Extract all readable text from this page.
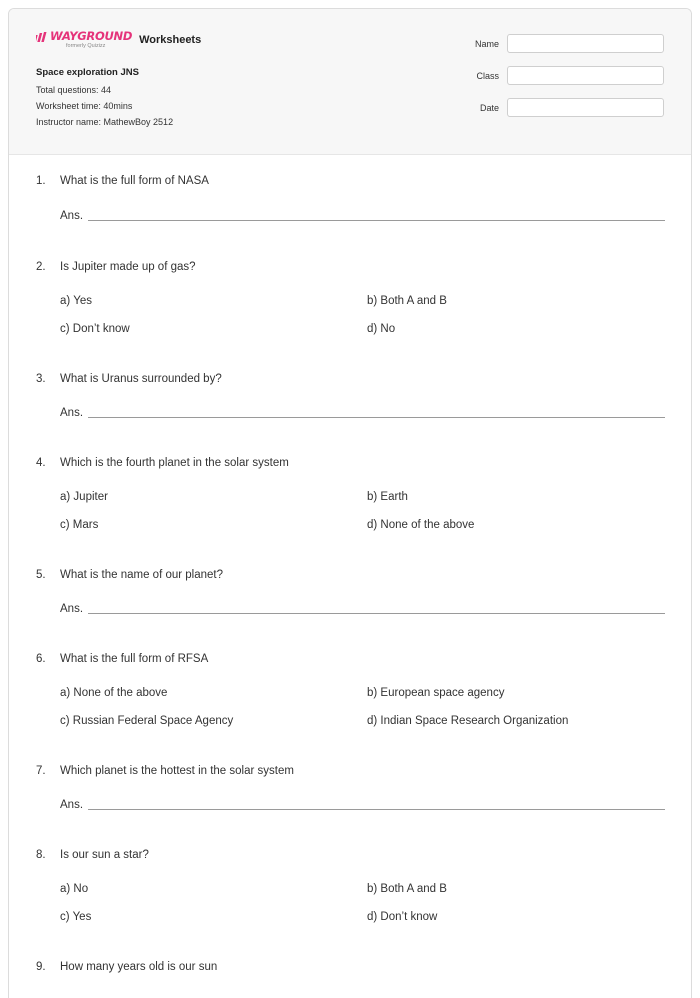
WAYGROUND
formerly Quizizz	Worksheets
Space exploration JNS
Total questions: 44
Worksheet time: 40mins
Instructor name: MathewBoy 2512
Name
Class
Date
1. What is the full form of NASA
Ans.
2. Is Jupiter made up of gas?
a) Yes	b) Both A and B
c) Don’t know	d) No
3. What is Uranus surrounded by?
Ans.
4. Which is the fourth planet in the solar system
a) Jupiter	b) Earth
c) Mars	d) None of the above
5. What is the name of our planet?
Ans.
6. What is the full form of RFSA
a) None of the above	b) European space agency
c) Russian Federal Space Agency	d) Indian Space Research Organization
7. Which planet is the hottest in the solar system
Ans.
8. Is our sun a star?
a) No	b) Both A and B
c) Yes	d) Don’t know
9. How many years old is our sun
